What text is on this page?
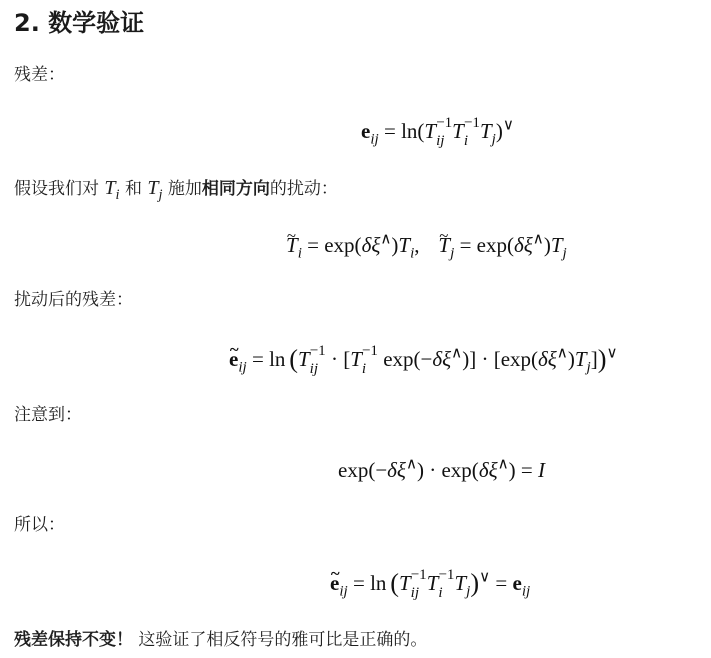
2. 数学验证
残差：
$e_{ij} = \ln(T -1$
ij T −1
i $T_j)^\vee$
假设我们对 $T_i$ 和 $T_j$ 施加相同方向的扰动：
~ $T_i$ = $\exp(\delta\xi^\wedge)T_i,\sim$ $T_j = \exp(\delta\xi^\wedge)T_j$
扰动后的残差：
~ $e_{ij} = \ln (T -1$
ij · [T −1
i $\exp(-\delta\xi^\wedge)] \cdot [\exp(\delta\xi^\wedge)T_j])^\vee$
注意到：
exp(−δξ∧) · exp(δξ∧) = I
所以：
~ $e_{ij} = \ln (T -1$
ij T −1
i $T_j)^\vee = e_{ij}$
残差保持不变！ 这验证了相反符号的雅可比是正确的。
